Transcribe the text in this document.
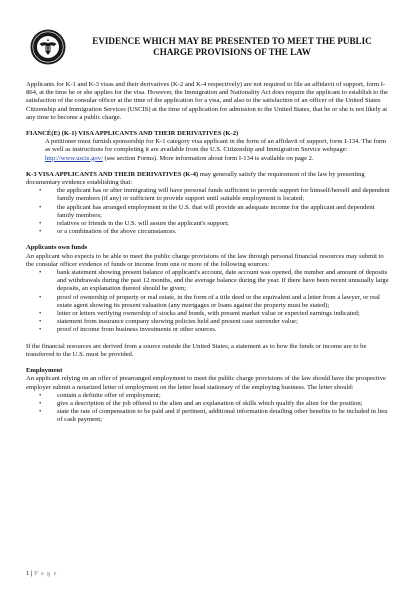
EVIDENCE WHICH MAY BE PRESENTED TO MEET THE PUBLIC
CHARGE PROVISIONS OF THE LAW

Applicants for K-1 and K-3 visas and their derivatives (K-2 and K-4 respectively) are not required to file an affidavit of support, form I-864, at the time he or she applies for the visa. However, the Immigration and Nationality Act does require the applicant to establish to the satisfaction of the consular officer at the time of the application for a visa, and also to the satisfaction of an officer of the United States Citizenship and Immigration Services (USCIS) at the time of application for admission to the United States, that he or she is not likely at any time to become a public charge.

FIANCÉ(E) (K-1) VISA APPLICANTS AND THEIR DERIVATIVES (K-2)

A petitioner must furnish sponsorship for K-1 category visa applicant in the form of an affidavit of support, form I-134. The form as well as instructions for completing it are available from the U.S. Citizenship and Immigration Service webpage: http://www.uscis.gov/ (see section Forms). More information about form I-134 is available on page 2.

K-3 VISA APPLICANTS AND THEIR DERIVATIVES (K-4) may generally satisfy the requirement of the law by presenting documentary evidence establishing that:

• the applicant has or after immigrating will have personal funds sufficient to provide support for himself/herself and dependent family members (if any) or sufficient to provide support until suitable employment is located;
• the applicant has arranged employment in the U.S. that will provide an adequate income for the applicant and dependent family members;
• relatives or friends in the U.S. will assure the applicant's support;
• or a combination of the above circumstances.
Applicants own funds

An applicant who expects to be able to meet the public charge provisions of the law through personal financial resources may submit to the consular officer evidence of funds or income from one or more of the following sources:

• bank statement showing present balance of applicant's account, date account was opened, the number and amount of deposits and withdrawals during the past 12 months, and the average balance during the year. If there have been recent unusually large deposits, an explanation thereof should be given;
• proof of ownership of property or real estate, in the form of a title deed or the equivalent and a letter from a lawyer, or real estate agent showing its present valuation (any mortgages or loans against the property must be stated);
• letter or letters verifying ownership of stocks and bonds, with present market value or expected earnings indicated;
• statement from insurance company showing policies held and present case surrender value;
• proof of income from business investments or other sources.

If the financial resources are derived from a source outside the United States, a statement as to how the funds or income are to be transferred to the U.S. must be provided.

Employment

An applicant relying on an offer of prearranged employment to meet the public charge provisions of the law should have the prospective employer submit a notarized letter of employment on the letter head stationary of the employing business. The letter should:

• contain a definite offer of employment;
• give a description of the job offered to the alien and an explanation of skills which qualify the alien for the position;
• state the rate of compensation to be paid and if pertinent, additional information detailing other benefits to be included in lieu of cash payment;
1 | P a g e
